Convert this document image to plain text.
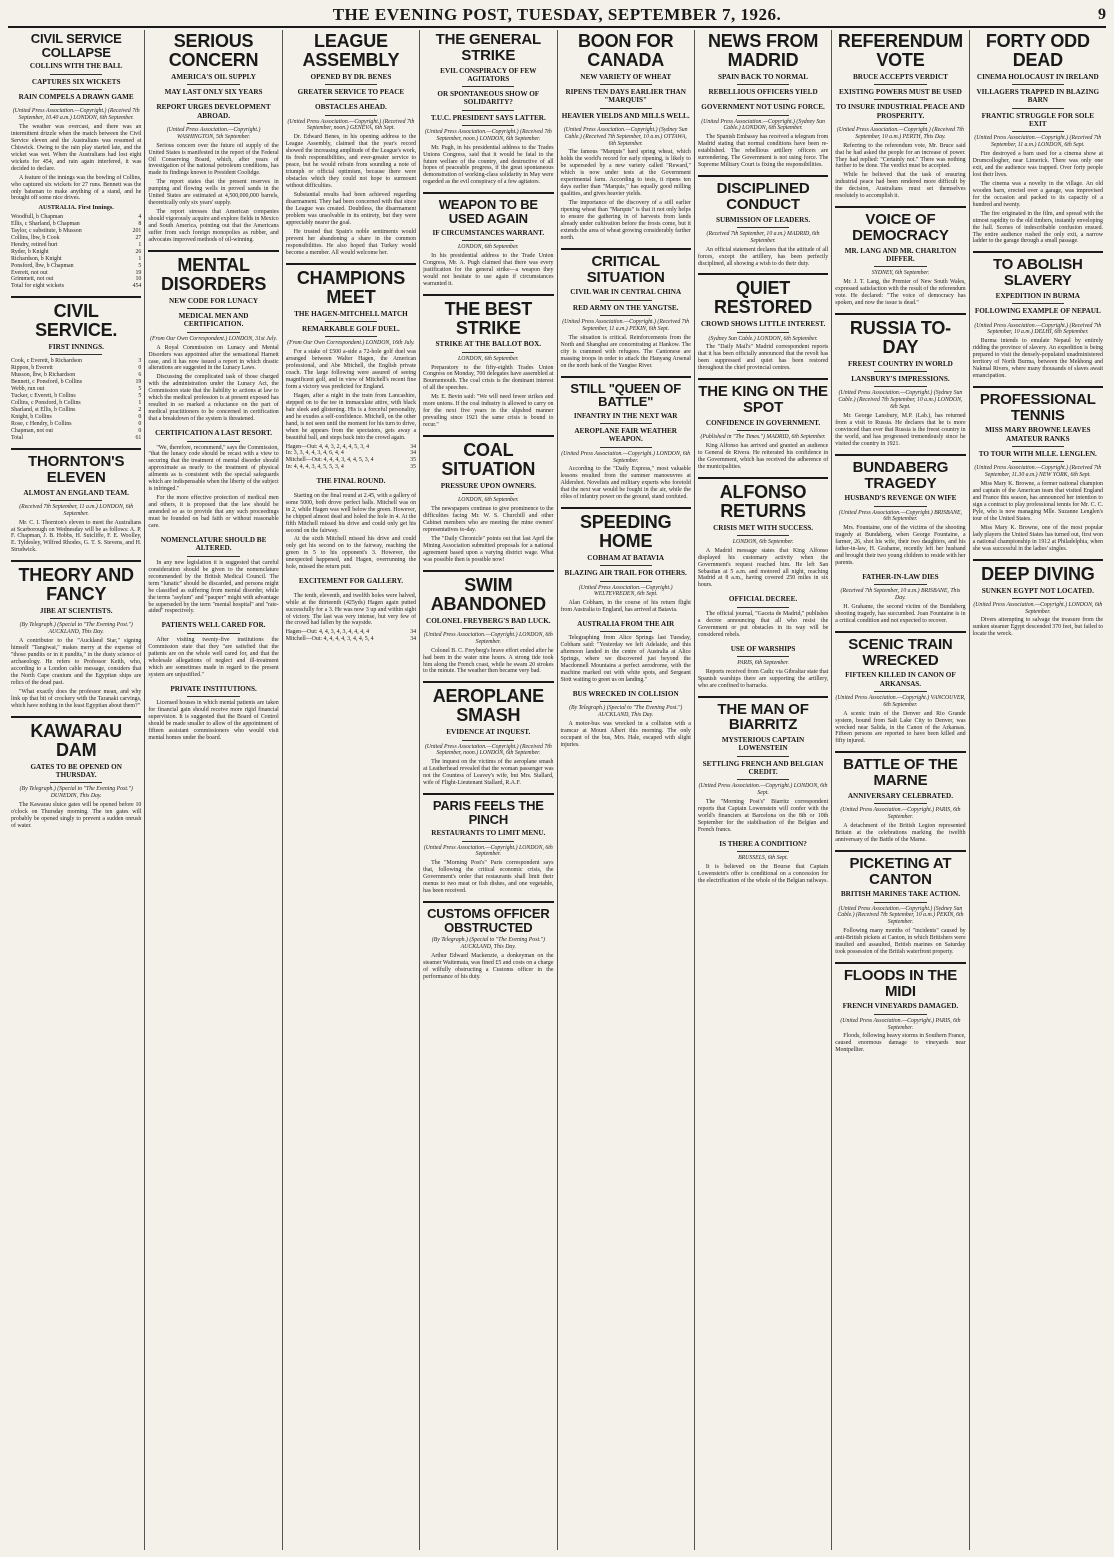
THE EVENING POST, TUESDAY, SEPTEMBER 7, 1926.	9
CIVIL SERVICE COLLAPSE
COLLINS WITH THE BALL
CAPTURES SIX WICKETS
RAIN COMPELS A DRAWN GAME
(United Press Association.—Copyright.) (Received 7th September, 10.40 a.m.) LONDON, 6th September.

The weather was overcast, and there was an intermittent drizzle when the match between the Civil Service eleven and the Australians was resumed at Chiswick. Owing to the rain play started late, and the wicket was wet. When the Australians had lost eight wickets for 454, and rain again interfered, it was decided to declare.

A feature of the innings was the bowling of Collins, who captured six wickets for 27 runs. Bennett was the only batsman to make anything of a stand, and he brought off some nice drives.

AUSTRALIA. First Innings.
Woodfull, b Chapman	4
Ellis, c Sharland, b Chapman	8
Taylor, c substitute, b Musson	201
Collins, lbw, b Cook	27
Hendry, retired hurt	1
Ryder, b Knight	26
Richardson, b Knight	1
Ponsford, lbw, b Chapman	5
Everett, not out	19
Grimmett, not out	10
Total for eight wickets	454
CIVIL SERVICE.
FIRST INNINGS.
Cook, c Everett, b Richardson	3
Rippon, b Everett	0
Musson, lbw, b Richardson	6
Bennett, c Ponsford, b Collins	19
Webb, run out	5
Tucker, c Everett, b Collins	5
Collins, c Ponsford, b Collins	1
Sharland, st Ellis, b Collins	2
Knight, b Collins	0
Rose, c Hendry, b Collins	0
Chapman, not out	0
Total	61
THORNTON'S ELEVEN
ALMOST AN ENGLAND TEAM.
(Received 7th September, 11 a.m.) LONDON, 6th September.

Mr. C. I. Thornton's eleven to meet the Australians at Scarborough on Wednesday will be as follows: A. P. F. Chapman, J. B. Hobbs, H. Sutcliffe, F. E. Woolley, E. Tyldesley, Wilfred Rhodes, G. T. S. Stevens, and H. Strudwick.

THEORY AND FANCY
JIBE AT SCIENTISTS.
(By Telegraph.) (Special to "The Evening Post.") AUCKLAND, This Day.

A contributor to the "Auckland Star," signing himself "Tangiwai," makes merry at the expense of "those pundits or in it pundits," in the dusty science of archaeology. He refers to Professor Keith, who, according to a London cable message, considers that the North Cape cranium and the Egyptian ships are relics of the dead past.

"What exactly does the professor mean, and why link up that bit of crockery with the Taranaki carvings, which have nothing in the least Egyptian about them?"

KAWARAU DAM
GATES TO BE OPENED ON THURSDAY.
(By Telegraph.) (Special to "The Evening Post.") DUNEDIN, This Day.

The Kawarau sluice gates will be opened before 10 o'clock on Thursday morning. The ten gates will probably be opened singly to prevent a sudden onrush of water.

SERIOUS CONCERN
AMERICA'S OIL SUPPLY
MAY LAST ONLY SIX YEARS
REPORT URGES DEVELOPMENT ABROAD.
(United Press Association.—Copyright.) WASHINGTON, 5th September.

Serious concern over the future oil supply of the United States is manifested in the report of the Federal Oil Conserving Board, which, after years of investigation of the national petroleum conditions, has made its findings known to President Coolidge.

The report states that the present reserves in pumping and flowing wells in proved sands in the United States are estimated at 4,500,000,000 barrels, theoretically only six years' supply.

The report stresses that American companies should vigorously acquire and explore fields in Mexico and South America, pointing out that the Americans suffer from such foreign monopolies as rubber, and advocates improved methods of oil-winning.

MENTAL DISORDERS
NEW CODE FOR LUNACY
MEDICAL MEN AND CERTIFICATION.
(From Our Own Correspondent.) LONDON, 31st July.

A Royal Commission on Lunacy and Mental Disorders was appointed after the sensational Harnett case, and it has now issued a report in which drastic alterations are suggested in the Lunacy Laws.

Discussing the complicated task of those charged with the administration under the Lunacy Act, the Commission state that the liability to actions at law to which the medical profession is at present exposed has resulted in so marked a reluctance on the part of medical practitioners to be concerned in certification that a breakdown of the system is threatened.

CERTIFICATION A LAST RESORT.

"We, therefore, recommend," says the Commission, "that the lunacy code should be recast with a view to securing that the treatment of mental disorder should approximate as nearly to the treatment of physical ailments as is consistent with the special safeguards which are indispensable when the liberty of the subject is infringed."

For the more effective protection of medical men and others, it is proposed that the law should be amended so as to provide that any such proceedings must be founded on bad faith or without reasonable care.

NOMENCLATURE SHOULD BE ALTERED.

In any new legislation it is suggested that careful consideration should be given to the nomenclature recommended by the British Medical Council. The term "lunatic" should be discarded, and persons might be classified as suffering from mental disorder, while the terms "asylum" and "pauper" might with advantage be superseded by the term "mental hospital" and "rate-aided" respectively.

PATIENTS WELL CARED FOR.

After visiting twenty-five institutions the Commission state that they "are satisfied that the patients are on the whole well cared for, and that the wholesale allegations of neglect and ill-treatment which are sometimes made in regard to the present system are unjustified."

PRIVATE INSTITUTIONS.

Licensed houses in which mental patients are taken for financial gain should receive more rigid financial supervision. It is suggested that the Board of Control should be made smaller to allow of the appointment of fifteen assistant commissioners who would visit mental homes under the board.

LEAGUE ASSEMBLY
OPENED BY DR. BENES
GREATER SERVICE TO PEACE
OBSTACLES AHEAD.
(United Press Association.—Copyright.) (Received 7th September, noon.) GENEVA, 6th Sept.

Dr. Edward Benes, in his opening address to the League Assembly, claimed that the year's record showed the increasing amplitude of the League's work, its fresh responsibilities, and ever-greater service to peace, but he would refrain from sounding a note of triumph or official optimism, because there were obstacles which they could not hope to surmount without difficulties.

Substantial results had been achieved regarding disarmament. They had been concerned with that since the League was created. Doubtless, the disarmament problem was unsolvable in its entirety, but they were appreciably nearer the goal.

He trusted that Spain's noble sentiments would prevent her abandoning a share in the common responsibilities. He also hoped that Turkey would become a member. All would welcome her.

CHAMPIONS MEET
THE HAGEN-MITCHELL MATCH
REMARKABLE GOLF DUEL.
(From Our Own Correspondent.) LONDON, 16th July.

For a stake of £500 a-side a 72-hole golf duel was arranged between Walter Hagen, the American professional, and Abe Mitchell, the English private coach. The large following were assured of seeing magnificent golf, and in view of Mitchell's recent fine form a victory was predicted for England.

Hagen, after a night in the train from Lancashire, stepped on to the tee in immaculate attire, with black hair sleek and glistening. His is a forceful personality, and he exudes a self-confidence. Mitchell, on the other hand, is not seen until the moment for his turn to drive, when he appears from the spectators, gets away a beautiful ball, and steps back into the crowd again.

Hagen—Out: 4, 4, 3, 2, 4, 4, 5, 3, 4	34
In: 3, 3, 4, 4, 3, 4, 6, 4, 4	34
Mitchell—Out: 4, 4, 4, 3, 4, 4, 5, 3, 4	35
In: 4, 4, 4, 3, 4, 5, 5, 3, 4	35
THE FINAL ROUND.

Starting on the final round at 2.45, with a gallery of some 5000, both drove perfect balls. Mitchell was on in 2, while Hagen was well below the green. However, he chipped almost dead and holed the hole in 4. At the fifth Mitchell missed his drive and could only get his second on the fairway.

At the sixth Mitchell missed his drive and could only get his second on to the fairway, reaching the green in 5 to his opponent's 3. However, the unexpected happened, and Hagen, overrunning the hole, missed the return putt.

EXCITEMENT FOR GALLERY.

The tenth, eleventh, and twelfth holes were halved, while at the thirteenth (425yds) Hagen again putted successfully for a 3. He was now 3 up and within sight of victory. The last was very intense, but very few of the crowd had fallen by the wayside.

Hagen—Out: 4, 4, 3, 4, 3, 4, 4, 4, 4	34
Mitchell—Out: 4, 4, 4, 4, 3, 4, 4, 5, 4	34
THE GENERAL STRIKE
EVIL CONSPIRACY OF FEW AGITATORS
OR SPONTANEOUS SHOW OF SOLIDARITY?
T.U.C. PRESIDENT SAYS LATTER.
(United Press Association.—Copyright.) (Received 7th September, noon.) LONDON, 6th September.

Mr. Pugh, in his presidential address to the Trades Unions Congress, said that it would be fatal to the future welfare of the country, and destructive of all hopes of peaceable progress, if the great spontaneous demonstration of working-class solidarity in May were regarded as the evil conspiracy of a few agitators.

WEAPON TO BE USED AGAIN
IF CIRCUMSTANCES WARRANT.
LONDON, 6th September.

In his presidential address to the Trade Union Congress, Mr. A. Pugh claimed that there was every justification for the general strike—a weapon they would not hesitate to use again if circumstances warranted it.

THE BEST STRIKE
STRIKE AT THE BALLOT BOX.
LONDON, 6th September.

Preparatory to the fifty-eighth Trades Union Congress on Monday, 700 delegates have assembled at Bournemouth. The coal crisis is the dominant interest of all the speeches.

Mr. E. Bevin said: "We will need fewer strikes and more unions. If the coal industry is allowed to carry on for the next five years in the slipshod manner prevailing since 1921 the same crisis is bound to recur."

COAL SITUATION
PRESSURE UPON OWNERS.
LONDON, 6th September.

The newspapers continue to give prominence to the difficulties facing Mr. W. S. Churchill and other Cabinet members who are meeting the mine owners' representatives to-day.

The "Daily Chronicle" points out that last April the Mining Association submitted proposals for a national agreement based upon a varying district wage. What was possible then is possible now!

SWIM ABANDONED
COLONEL FREYBERG'S BAD LUCK.
(United Press Association.—Copyright.) LONDON, 6th September.

Colonel B. C. Freyberg's brave effort ended after he had been in the water nine hours. A strong tide took him along the French coast, while he swam 20 strokes to the minute. The weather then became very bad.

AEROPLANE SMASH
EVIDENCE AT INQUEST.
(United Press Association.—Copyright.) (Received 7th September, noon.) LONDON, 6th September.

The inquest on the victims of the aeroplane smash at Leatherhead revealed that the woman passenger was not the Countess of Leavey's wife, but Mrs. Stallard, wife of Flight-Lieutenant Stallard, R.A.F.

PARIS FEELS THE PINCH
RESTAURANTS TO LIMIT MENU.
(United Press Association.—Copyright.) LONDON, 6th September.

The "Morning Post's" Paris correspondent says that, following the critical economic crisis, the Government's order that restaurants shall limit their menus to two meat or fish dishes, and one vegetable, has been received.

CUSTOMS OFFICER OBSTRUCTED
(By Telegraph.) (Special to "The Evening Post.") AUCKLAND, This Day.

Arthur Edward Mackenzie, a donkeyman on the steamer Waitemata, was fined £5 and costs on a charge of wilfully obstructing a Customs officer in the performance of his duty.

BOON FOR CANADA
NEW VARIETY OF WHEAT
RIPENS TEN DAYS EARLIER THAN "MARQUIS"
HEAVIER YIELDS AND MILLS WELL.
(United Press Association.—Copyright.) (Sydney Sun Cable.) (Received 7th September, 10 a.m.) OTTAWA, 6th September.

The famous "Marquis" hard spring wheat, which holds the world's record for early ripening, is likely to be superseded by a new variety called "Reward," which is now under tests at the Government experimental farm. According to tests, it ripens ten days earlier than "Marquis," has equally good milling qualities, and gives heavier yields.

The importance of the discovery of a still earlier ripening wheat than "Marquis" is that it not only helps to ensure the gathering in of harvests from lands already under cultivation before the frosts come, but it extends the area of wheat growing considerably farther north.

CRITICAL SITUATION
CIVIL WAR IN CENTRAL CHINA
RED ARMY ON THE YANGTSE.
(United Press Association.—Copyright.) (Received 7th September, 11 a.m.) PEKIN, 6th Sept.

The situation is critical. Reinforcements from the North and Shanghai are concentrating at Hankow. The city is crammed with refugees. The Cantonese are massing troops in order to attack the Hanyang Arsenal on the north bank of the Yangtse River.

STILL "QUEEN OF BATTLE"
INFANTRY IN THE NEXT WAR
AEROPLANE FAIR WEATHER WEAPON.
(United Press Association.—Copyright.) LONDON, 6th September.

According to the "Daily Express," most valuable lessons resulted from the summer manoeuvres at Aldershot. Novelists and military experts who foretold that the next war would be fought in the air, while the rôles of infantry power on the ground, stand confuted.

SPEEDING HOME
COBHAM AT BATAVIA
BLAZING AIR TRAIL FOR OTHERS.
(United Press Association.—Copyright.) WELTEVREDEN, 6th Sept.

Alan Cobham, in the course of his return flight from Australia to England, has arrived at Batavia.

AUSTRALIA FROM THE AIR

Telegraphing from Alice Springs last Tuesday, Cobham said: "Yesterday we left Adelaide, and this afternoon landed in the centre of Australia at Alice Springs, where we discovered just beyond the Macdonnell Mountains a perfect aerodrome, with the machine marked out with white spots, and Sergeant Stott waiting to greet us on landing."

BUS WRECKED IN COLLISION
(By Telegraph.) (Special to "The Evening Post.") AUCKLAND, This Day.

A motor-bus was wrecked in a collision with a tramcar at Mount Albert this morning. The only occupant of the bus, Mrs. Hale, escaped with slight injuries.

NEWS FROM MADRID
SPAIN BACK TO NORMAL
REBELLIOUS OFFICERS YIELD
GOVERNMENT NOT USING FORCE.
(United Press Association.—Copyright.) (Sydney Sun Cable.) LONDON, 6th September.

The Spanish Embassy has received a telegram from Madrid stating that normal conditions have been re-established. The rebellious artillery officers are surrendering. The Government is not using force. The Supreme Military Court is fixing the responsibilities.

DISCIPLINED CONDUCT
SUBMISSION OF LEADERS.
(Received 7th September, 10 a.m.) MADRID, 6th September.

An official statement declares that the attitude of all forces, except the artillery, has been perfectly disciplined, all showing a wish to do their duty.

QUIET RESTORED
CROWD SHOWS LITTLE INTEREST.
(Sydney Sun Cable.) LONDON, 6th September.

The "Daily Mail's" Madrid correspondent reports that it has been officially announced that the revolt has been suppressed and quiet has been restored throughout the chief provincial centres.

THE KING ON THE SPOT
CONFIDENCE IN GOVERNMENT.
(Published in "The Times.") MADRID, 6th September.

King Alfonso has arrived and granted an audience to General de Rivera. He reiterated his confidence in the Government, which has received the adherence of the municipalities.

ALFONSO RETURNS
CRISIS MET WITH SUCCESS.
LONDON, 6th September.

A Madrid message states that King Alfonso displayed his customary activity when the Government's request reached him. He left San Sebastian at 5 a.m. and motored all night, reaching Madrid at 8 a.m., having covered 250 miles in six hours.

OFFICIAL DECREE.

The official journal, "Gaceta de Madrid," publishes a decree announcing that all who resist the Government or put obstacles in its way will be considered rebels.

USE OF WARSHIPS
PARIS, 6th September.

Reports received from Cadiz via Gibraltar state that Spanish warships there are supporting the artillery, who are confined to barracks.

THE MAN OF BIARRITZ
MYSTERIOUS CAPTAIN LOWENSTEIN
SETTLING FRENCH AND BELGIAN CREDIT.
(United Press Association.—Copyright.) LONDON, 6th Sept.

The "Morning Post's" Biarritz correspondent reports that Captain Lowenstein will confer with the world's financiers at Barcelona on the 8th or 10th September for the stabilisation of the Belgian and French francs.

IS THERE A CONDITION?
BRUSSELS, 6th Sept.

It is believed on the Bourse that Captain Lowenstein's offer is conditional on a concession for the electrification of the whole of the Belgian railways.

REFERENDUM VOTE
BRUCE ACCEPTS VERDICT
EXISTING POWERS MUST BE USED
TO INSURE INDUSTRIAL PEACE AND PROSPERITY.
(United Press Association.—Copyright.) (Received 7th September, 10 a.m.) PERTH, This Day.

Referring to the referendum vote, Mr. Bruce said that he had asked the people for an increase of power. They had replied: "Certainly not." There was nothing further to be done. The verdict must be accepted.

While he believed that the task of ensuring industrial peace had been rendered more difficult by the decision, Australians must set themselves resolutely to accomplish it.

VOICE OF DEMOCRACY
MR. LANG AND MR. CHARLTON DIFFER.
SYDNEY, 6th September.

Mr. J. T. Lang, the Premier of New South Wales, expressed satisfaction with the result of the referendum vote. He declared: "The voice of democracy has spoken, and now the issue is dead."

RUSSIA TO-DAY
FREEST COUNTRY IN WORLD
LANSBURY'S IMPRESSIONS.
(United Press Association.—Copyright.) (Sydney Sun Cable.) (Received 7th September, 10 a.m.) LONDON, 6th Sept.

Mr. George Lansbury, M.P. (Lab.), has returned from a visit to Russia. He declares that he is more convinced than ever that Russia is the freest country in the world, and has progressed tremendously since he visited the country in 1921.

BUNDABERG TRAGEDY
HUSBAND'S REVENGE ON WIFE
(United Press Association.—Copyright.) BRISBANE, 6th September.

Mrs. Fountaine, one of the victims of the shooting tragedy at Bundaberg, when George Fountaine, a farmer, 26, shot his wife, their two daughters, and his father-in-law, H. Grahame, recently left her husband and brought their two young children to reside with her parents.

FATHER-IN-LAW DIES
(Received 7th September, 10 a.m.) BRISBANE, This Day.

H. Grahame, the second victim of the Bundaberg shooting tragedy, has succumbed. Joan Fountaine is in a critical condition and not expected to recover.

SCENIC TRAIN WRECKED
FIFTEEN KILLED IN CANON OF ARKANSAS.
(United Press Association.—Copyright.) VANCOUVER, 6th September.

A scenic train of the Denver and Rio Grande system, bound from Salt Lake City to Denver, was wrecked near Salida, in the Canon of the Arkansas. Fifteen persons are reported to have been killed and fifty injured.

BATTLE OF THE MARNE
ANNIVERSARY CELEBRATED.
(United Press Association.—Copyright.) PARIS, 6th September.

A detachment of the British Legion represented Britain at the celebrations marking the twelfth anniversary of the Battle of the Marne.

PICKETING AT CANTON
BRITISH MARINES TAKE ACTION.
(United Press Association.—Copyright.) (Sydney Sun Cable.) (Received 7th September, 10 a.m.) PEKIN, 6th September.

Following many months of "incidents" caused by anti-British pickets at Canton, in which Britishers were insulted and assaulted, British marines on Saturday took possession of the British waterfront property.

FLOODS IN THE MIDI
FRENCH VINEYARDS DAMAGED.
(United Press Association.—Copyright.) PARIS, 6th September.

Floods, following heavy storms in Southern France, caused enormous damage to vineyards near Montpellier.

FORTY ODD DEAD
CINEMA HOLOCAUST IN IRELAND
VILLAGERS TRAPPED IN BLAZING BARN
FRANTIC STRUGGLE FOR SOLE EXIT
(United Press Association.—Copyright.) (Received 7th September, 11 a.m.) LONDON, 6th Sept.

Fire destroyed a barn used for a cinema show at Drumcollogher, near Limerick. There was only one exit, and the audience was trapped. Over forty people lost their lives.

The cinema was a novelty in the village. An old wooden barn, erected over a garage, was improvised for the occasion and packed to its capacity of a hundred and twenty.

The fire originated in the film, and spread with the utmost rapidity to the old timbers, instantly enveloping the hall. Scenes of indescribable confusion ensued. The entire audience rushed the only exit, a narrow ladder to the garage through a small passage.

TO ABOLISH SLAVERY
EXPEDITION IN BURMA
FOLLOWING EXAMPLE OF NEPAUL
(United Press Association.—Copyright.) (Received 7th September, 10 a.m.) DELHI, 6th September.

Burma intends to emulate Nepaul by entirely ridding the province of slavery. An expedition is being prepared to visit the densely-populated unadministered territory of North Burma, between the Mekhong and Nakmal Rivers, where many thousands of slaves await emancipation.

PROFESSIONAL TENNIS
MISS MARY BROWNE LEAVES AMATEUR RANKS
TO TOUR WITH MLLE. LENGLEN.
(United Press Association.—Copyright.) (Received 7th September, 11.30 a.m.) NEW YORK, 6th Sept.

Miss Mary K. Browne, a former national champion and captain of the American team that visited England and France this season, has announced her intention to sign a contract to play professional tennis for Mr. C. C. Pyle, who is now managing Mlle. Suzanne Lenglen's tour of the United States.

Miss Mary K. Browne, one of the most popular lady players the United States has turned out, first won a national championship in 1912 at Philadelphia, when she was successful in the ladies' singles.

DEEP DIVING
SUNKEN EGYPT NOT LOCATED.
(United Press Association.—Copyright.) LONDON, 6th September.

Divers attempting to salvage the treasure from the sunken steamer Egypt descended 370 feet, but failed to locate the wreck.
